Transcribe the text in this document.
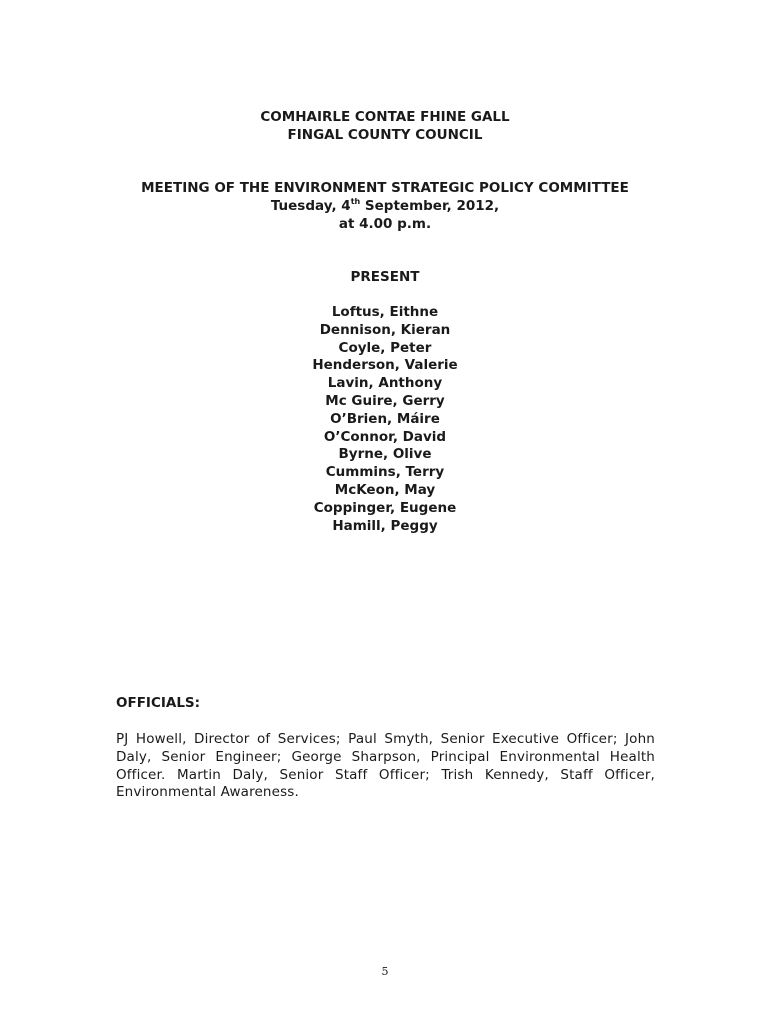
COMHAIRLE CONTAE FHINE GALL
FINGAL COUNTY COUNCIL
MEETING OF THE ENVIRONMENT STRATEGIC POLICY COMMITTEE
Tuesday, 4th September, 2012,
at 4.00 p.m.
PRESENT
Loftus, Eithne
Dennison, Kieran
Coyle, Peter
Henderson, Valerie
Lavin, Anthony
Mc Guire, Gerry
O’Brien, Máire
O’Connor, David
Byrne, Olive
Cummins, Terry
McKeon, May
Coppinger, Eugene
Hamill, Peggy
OFFICIALS:
PJ Howell, Director of Services; Paul Smyth, Senior Executive Officer; John Daly, Senior Engineer; George Sharpson, Principal Environmental Health Officer. Martin Daly, Senior Staff Officer; Trish Kennedy, Staff Officer, Environmental Awareness.
5
